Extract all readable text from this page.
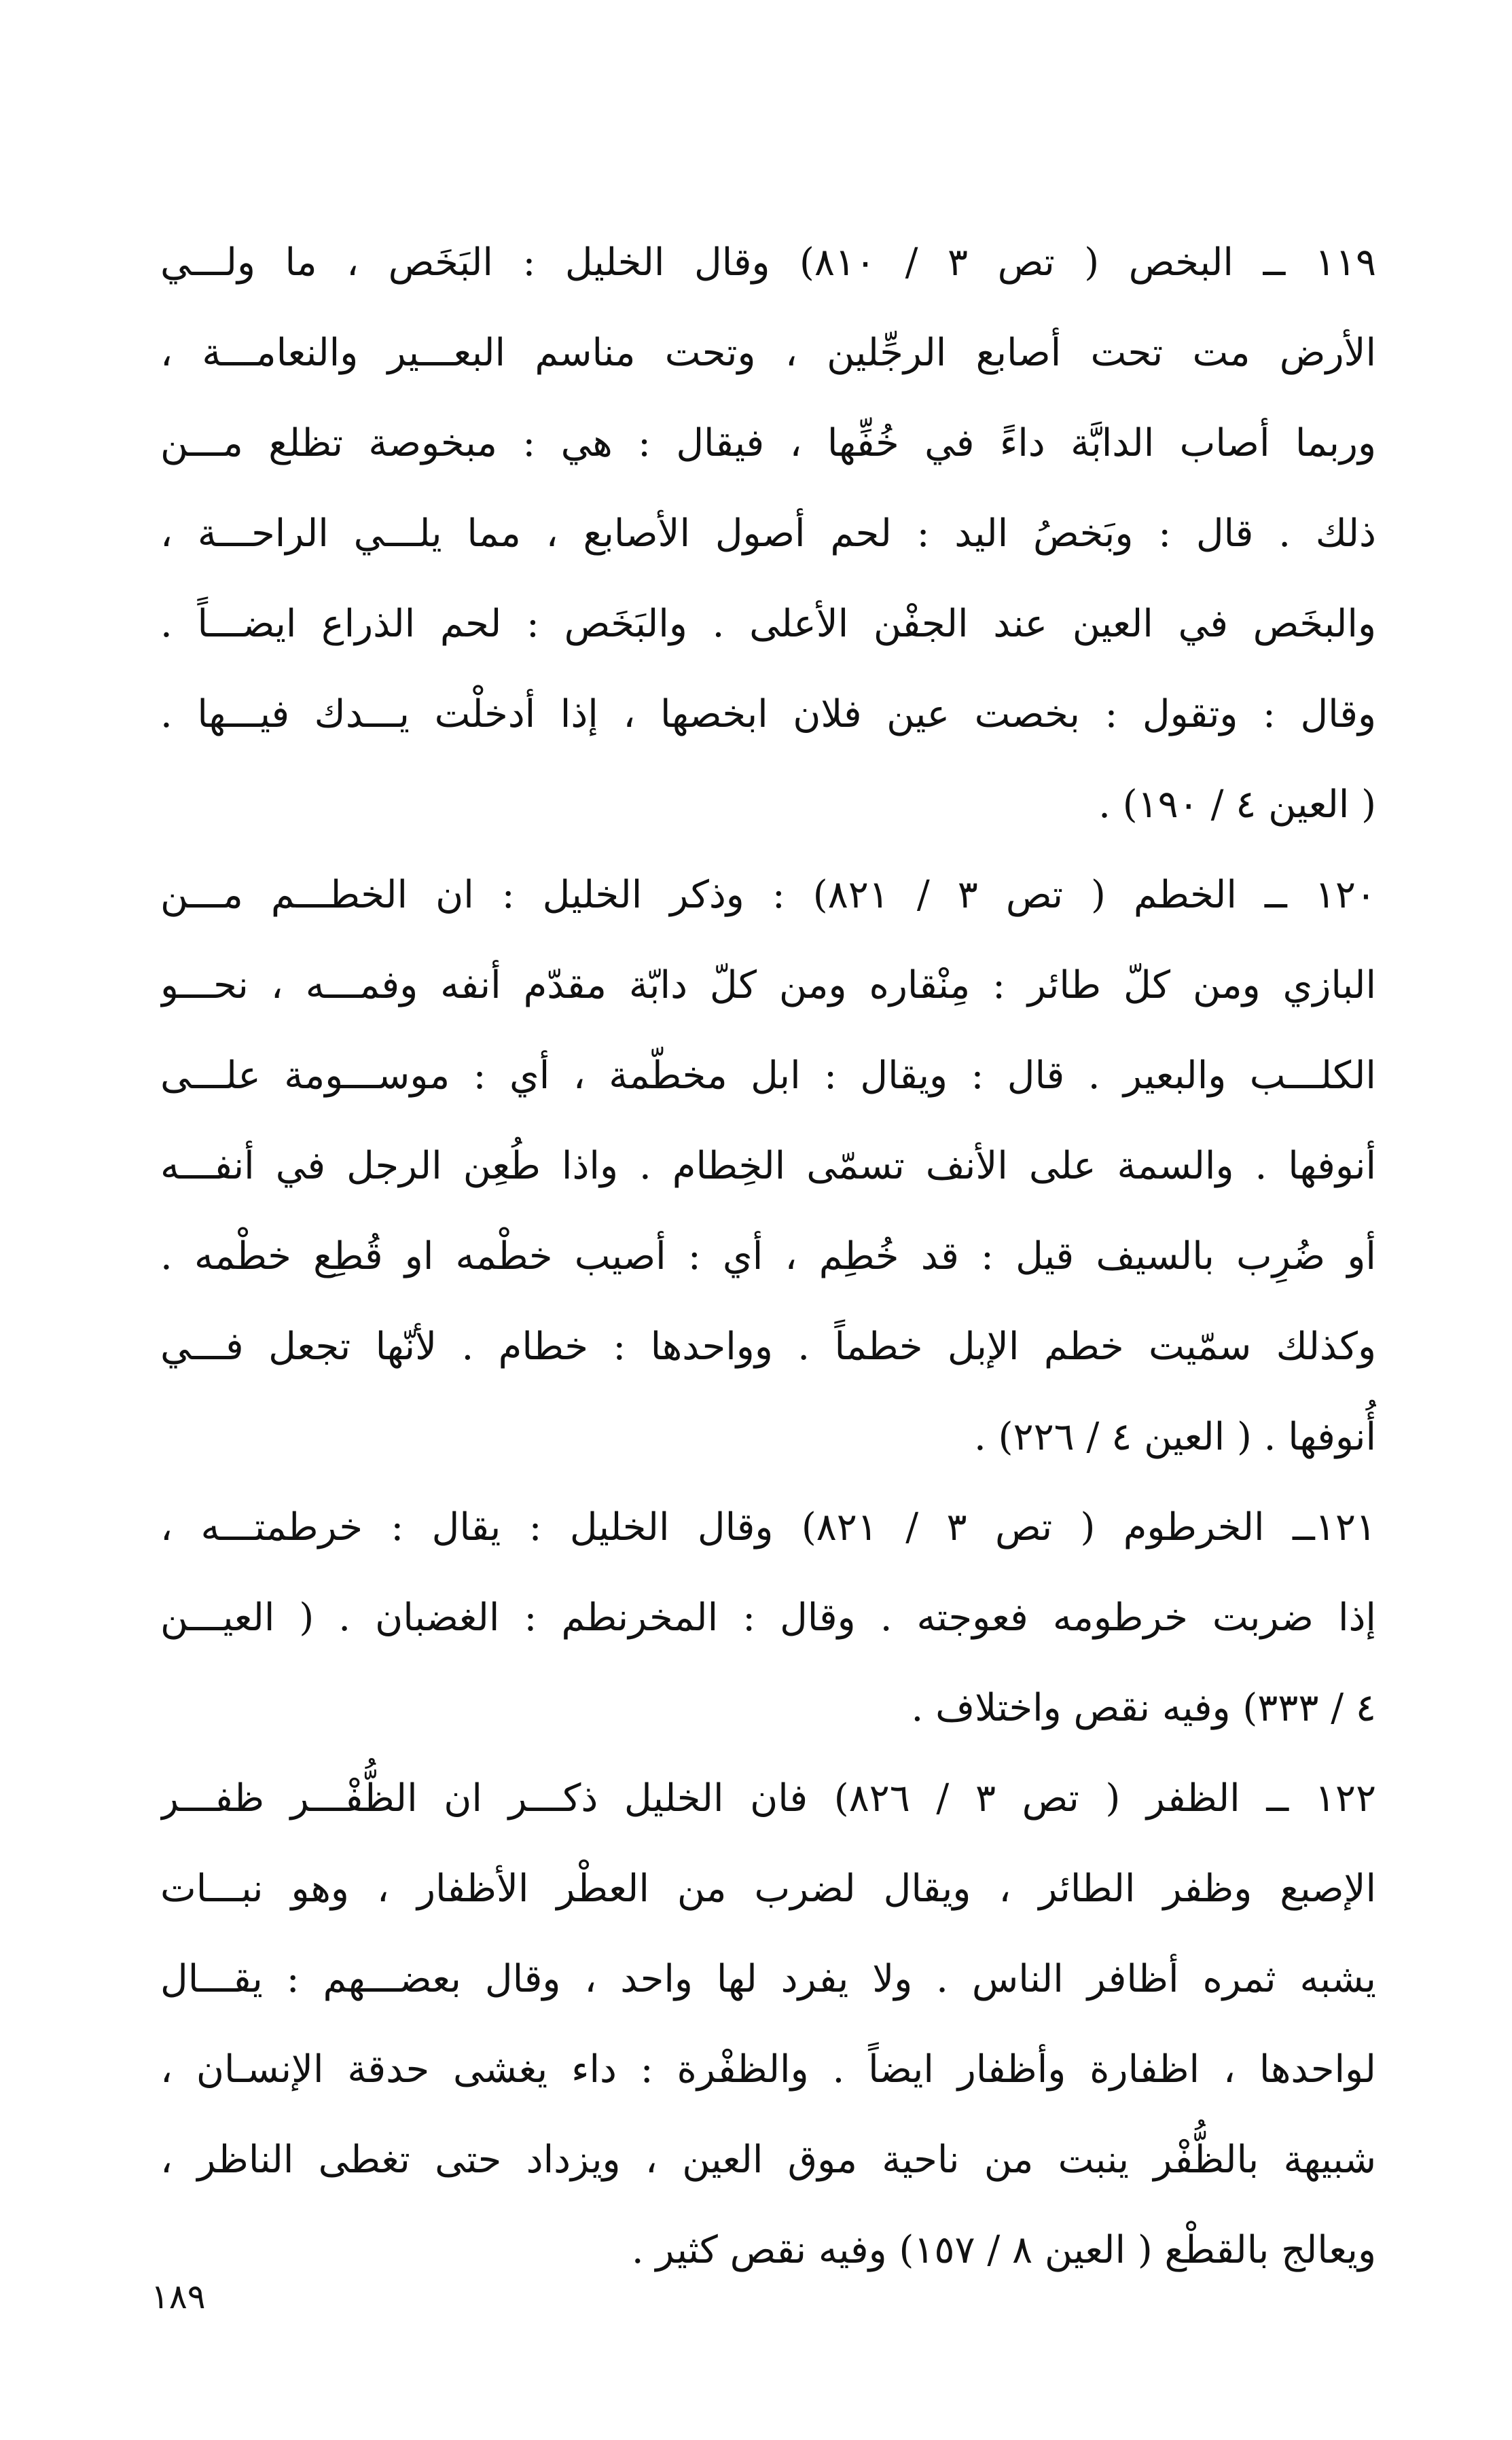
١١٩ ــ البخص ( تص ٣ / ٨١٠) وقال الخليل : البَخَص ، ما ولـــي
الأرض مت تحت أصابع الرجِّلين ، وتحت مناسم البعـــير والنعامـــة ،
وربما أصاب الدابَّة داءً في خُفِّها ، فيقال : هي : مبخوصة تظلع مـــن
ذلك . قال : وبَخصُ اليد : لحم أصول الأصابع ، مما يلـــي الراحـــة ،
والبخَص في العين عند الجفْن الأعلى . والبَخَص : لحم الذراع ايضـــاً .
وقال : وتقول : بخصت عين فلان ابخصها ، إذا أدخلْت يـــدك فيـــها .
( العين ٤ / ١٩٠) .
١٢٠ ــ الخطم ( تص ٣ / ٨٢١) : وذكر الخليل : ان الخطـــم مـــن
البازي ومن كلّ طائر : مِنْقاره ومن كلّ دابّة مقدّم أنفه وفمـــه ، نحـــو
الكلـــب والبعير . قال : ويقال : ابل مخطّمة ، أي : موســـومة علـــى
أنوفها . والسمة على الأنف تسمّى الخِطام . واذا طُعِن الرجل في أنفـــه
أو ضُرِب بالسيف قيل : قد خُطِم ، أي : أصيب خطْمه او قُطِع خطْمه .
وكذلك سمّيت خطم الإبل خطماً . وواحدها : خطام . لأنّها تجعل فـــي
أُنوفها . ( العين ٤ / ٢٢٦) .
١٢١ــ الخرطوم ( تص ٣ / ٨٢١) وقال الخليل : يقال : خرطمتـــه ،
إذا ضربت خرطومه فعوجته . وقال : المخرنطم : الغضبان . ( العيـــن
٤ / ٣٣٣) وفيه نقص واختلاف .
١٢٢ ــ الظفر ( تص ٣ / ٨٢٦) فان الخليل ذكـــر ان الظُّفْـــر ظفـــر
الإصبع وظفر الطائر ، ويقال لضرب من العطْر الأظفار ، وهو نبـــات
يشبه ثمره أظافر الناس . ولا يفرد لها واحد ، وقال بعضـــهم : يقـــال
لواحدها ، اظفارة وأظفار ايضاً . والظفْرة : داء يغشى حدقة الإنسـان ،
شبيهة بالظُّفْر ينبت من ناحية موق العين ، ويزداد حتى تغطى الناظر ،
ويعالج بالقطْع ( العين ٨ / ١٥٧) وفيه نقص كثير .
١٨٩
